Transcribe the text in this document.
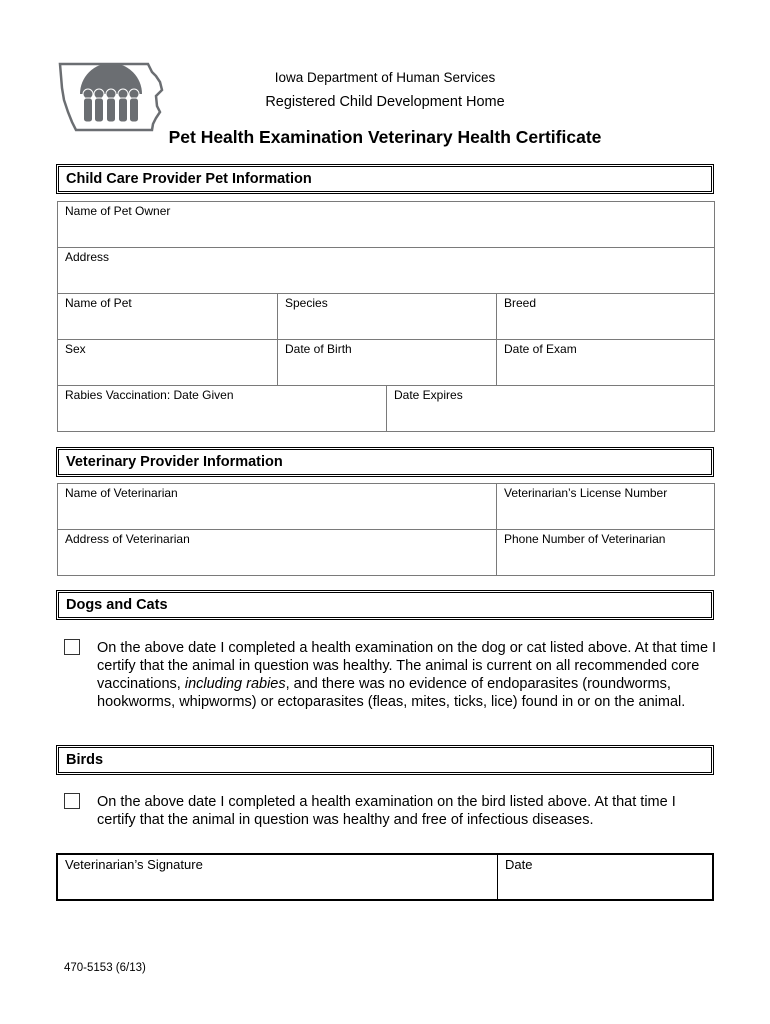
Iowa Department of Human Services
Registered Child Development Home
Pet Health Examination Veterinary Health Certificate
Child Care Provider Pet Information
Name of Pet Owner			
Address			
Name of Pet	Species		Breed
Sex	Date of Birth		Date of Exam
Rabies Vaccination: Date Given		Date Expires	
Veterinary Provider Information
Name of Veterinarian	Veterinarian’s License Number
Address of Veterinarian	Phone Number of Veterinarian
Dogs and Cats
On the above date I completed a health examination on the dog or cat listed above. At that time I certify that the animal in question was healthy. The animal is current on all recommended core vaccinations, including rabies, and there was no evidence of endoparasites (roundworms, hookworms, whipworms) or ectoparasites (fleas, mites, ticks, lice) found in or on the animal.
Birds
On the above date I completed a health examination on the bird listed above. At that time I certify that the animal in question was healthy and free of infectious diseases.
Veterinarian’s Signature	Date
470-5153 (6/13)
